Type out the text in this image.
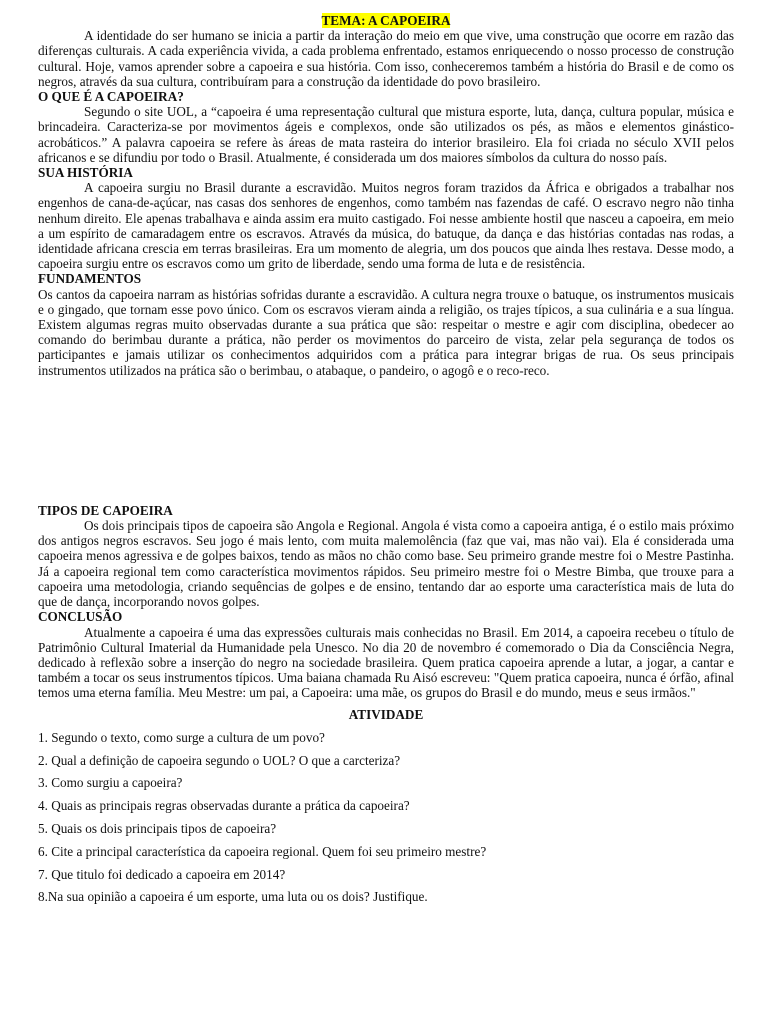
TEMA: A CAPOEIRA

A identidade do ser humano se inicia a partir da interação do meio em que vive, uma construção que ocorre em razão das diferenças culturais. A cada experiência vivida, a cada problema enfrentado, estamos enriquecendo o nosso processo de construção cultural. Hoje, vamos aprender sobre a capoeira e sua história. Com isso, conheceremos também a história do Brasil e de como os negros, através da sua cultura, contribuíram para a construção da identidade do povo brasileiro.

O QUE É A CAPOEIRA?

Segundo o site UOL, a “capoeira é uma representação cultural que mistura esporte, luta, dança, cultura popular, música e brincadeira. Caracteriza-se por movimentos ágeis e complexos, onde são utilizados os pés, as mãos e elementos ginástico-acrobáticos.” A palavra capoeira se refere às áreas de mata rasteira do interior brasileiro. Ela foi criada no século XVII pelos africanos e se difundiu por todo o Brasil. Atualmente, é considerada um dos maiores símbolos da cultura do nosso país.

SUA HISTÓRIA

A capoeira surgiu no Brasil durante a escravidão. Muitos negros foram trazidos da África e obrigados a trabalhar nos engenhos de cana-de-açúcar, nas casas dos senhores de engenhos, como também nas fazendas de café. O escravo negro não tinha nenhum direito. Ele apenas trabalhava e ainda assim era muito castigado. Foi nesse ambiente hostil que nasceu a capoeira, em meio a um espírito de camaradagem entre os escravos. Através da música, do batuque, da dança e das histórias contadas nas rodas, a identidade africana crescia em terras brasileiras. Era um momento de alegria, um dos poucos que ainda lhes restava. Desse modo, a capoeira surgiu entre os escravos como um grito de liberdade, sendo uma forma de luta e de resistência.

FUNDAMENTOS

Os cantos da capoeira narram as histórias sofridas durante a escravidão. A cultura negra trouxe o batuque, os instrumentos musicais e o gingado, que tornam esse povo único. Com os escravos vieram ainda a religião, os trajes típicos, a sua culinária e a sua língua. Existem algumas regras muito observadas durante a sua prática que são: respeitar o mestre e agir com disciplina, obedecer ao comando do berimbau durante a prática, não perder os movimentos do parceiro de vista, zelar pela segurança de todos os participantes e jamais utilizar os conhecimentos adquiridos com a prática para integrar brigas de rua. Os seus principais instrumentos utilizados na prática são o berimbau, o atabaque, o pandeiro, o agogô e o reco-reco.

TIPOS DE CAPOEIRA

Os dois principais tipos de capoeira são Angola e Regional. Angola é vista como a capoeira antiga, é o estilo mais próximo dos antigos negros escravos. Seu jogo é mais lento, com muita malemolência (faz que vai, mas não vai). Ela é considerada uma capoeira menos agressiva e de golpes baixos, tendo as mãos no chão como base. Seu primeiro grande mestre foi o Mestre Pastinha. Já a capoeira regional tem como característica movimentos rápidos. Seu primeiro mestre foi o Mestre Bimba, que trouxe para a capoeira uma metodologia, criando sequências de golpes e de ensino, tentando dar ao esporte uma característica mais de luta do que de dança, incorporando novos golpes.

CONCLUSÃO

Atualmente a capoeira é uma das expressões culturais mais conhecidas no Brasil. Em 2014, a capoeira recebeu o título de Patrimônio Cultural Imaterial da Humanidade pela Unesco. No dia 20 de novembro é comemorado o Dia da Consciência Negra, dedicado à reflexão sobre a inserção do negro na sociedade brasileira. Quem pratica capoeira aprende a lutar, a jogar, a cantar e também a tocar os seus instrumentos típicos. Uma baiana chamada Ru Aisó escreveu: "Quem pratica capoeira, nunca é órfão, afinal temos uma eterna família. Meu Mestre: um pai, a Capoeira: uma mãe, os grupos do Brasil e do mundo, meus e seus irmãos."

ATIVIDADE

1. Segundo o texto, como surge a cultura de um povo?

2. Qual a definição de capoeira segundo o UOL? O que a carcteriza?

3. Como surgiu a capoeira?

4. Quais as principais regras observadas durante a prática da capoeira?

5. Quais os dois principais tipos de capoeira?

6. Cite a principal característica da capoeira regional. Quem foi seu primeiro mestre?

7. Que titulo foi dedicado a capoeira em 2014?

8.Na sua opinião a capoeira é um esporte, uma luta ou os dois? Justifique.
